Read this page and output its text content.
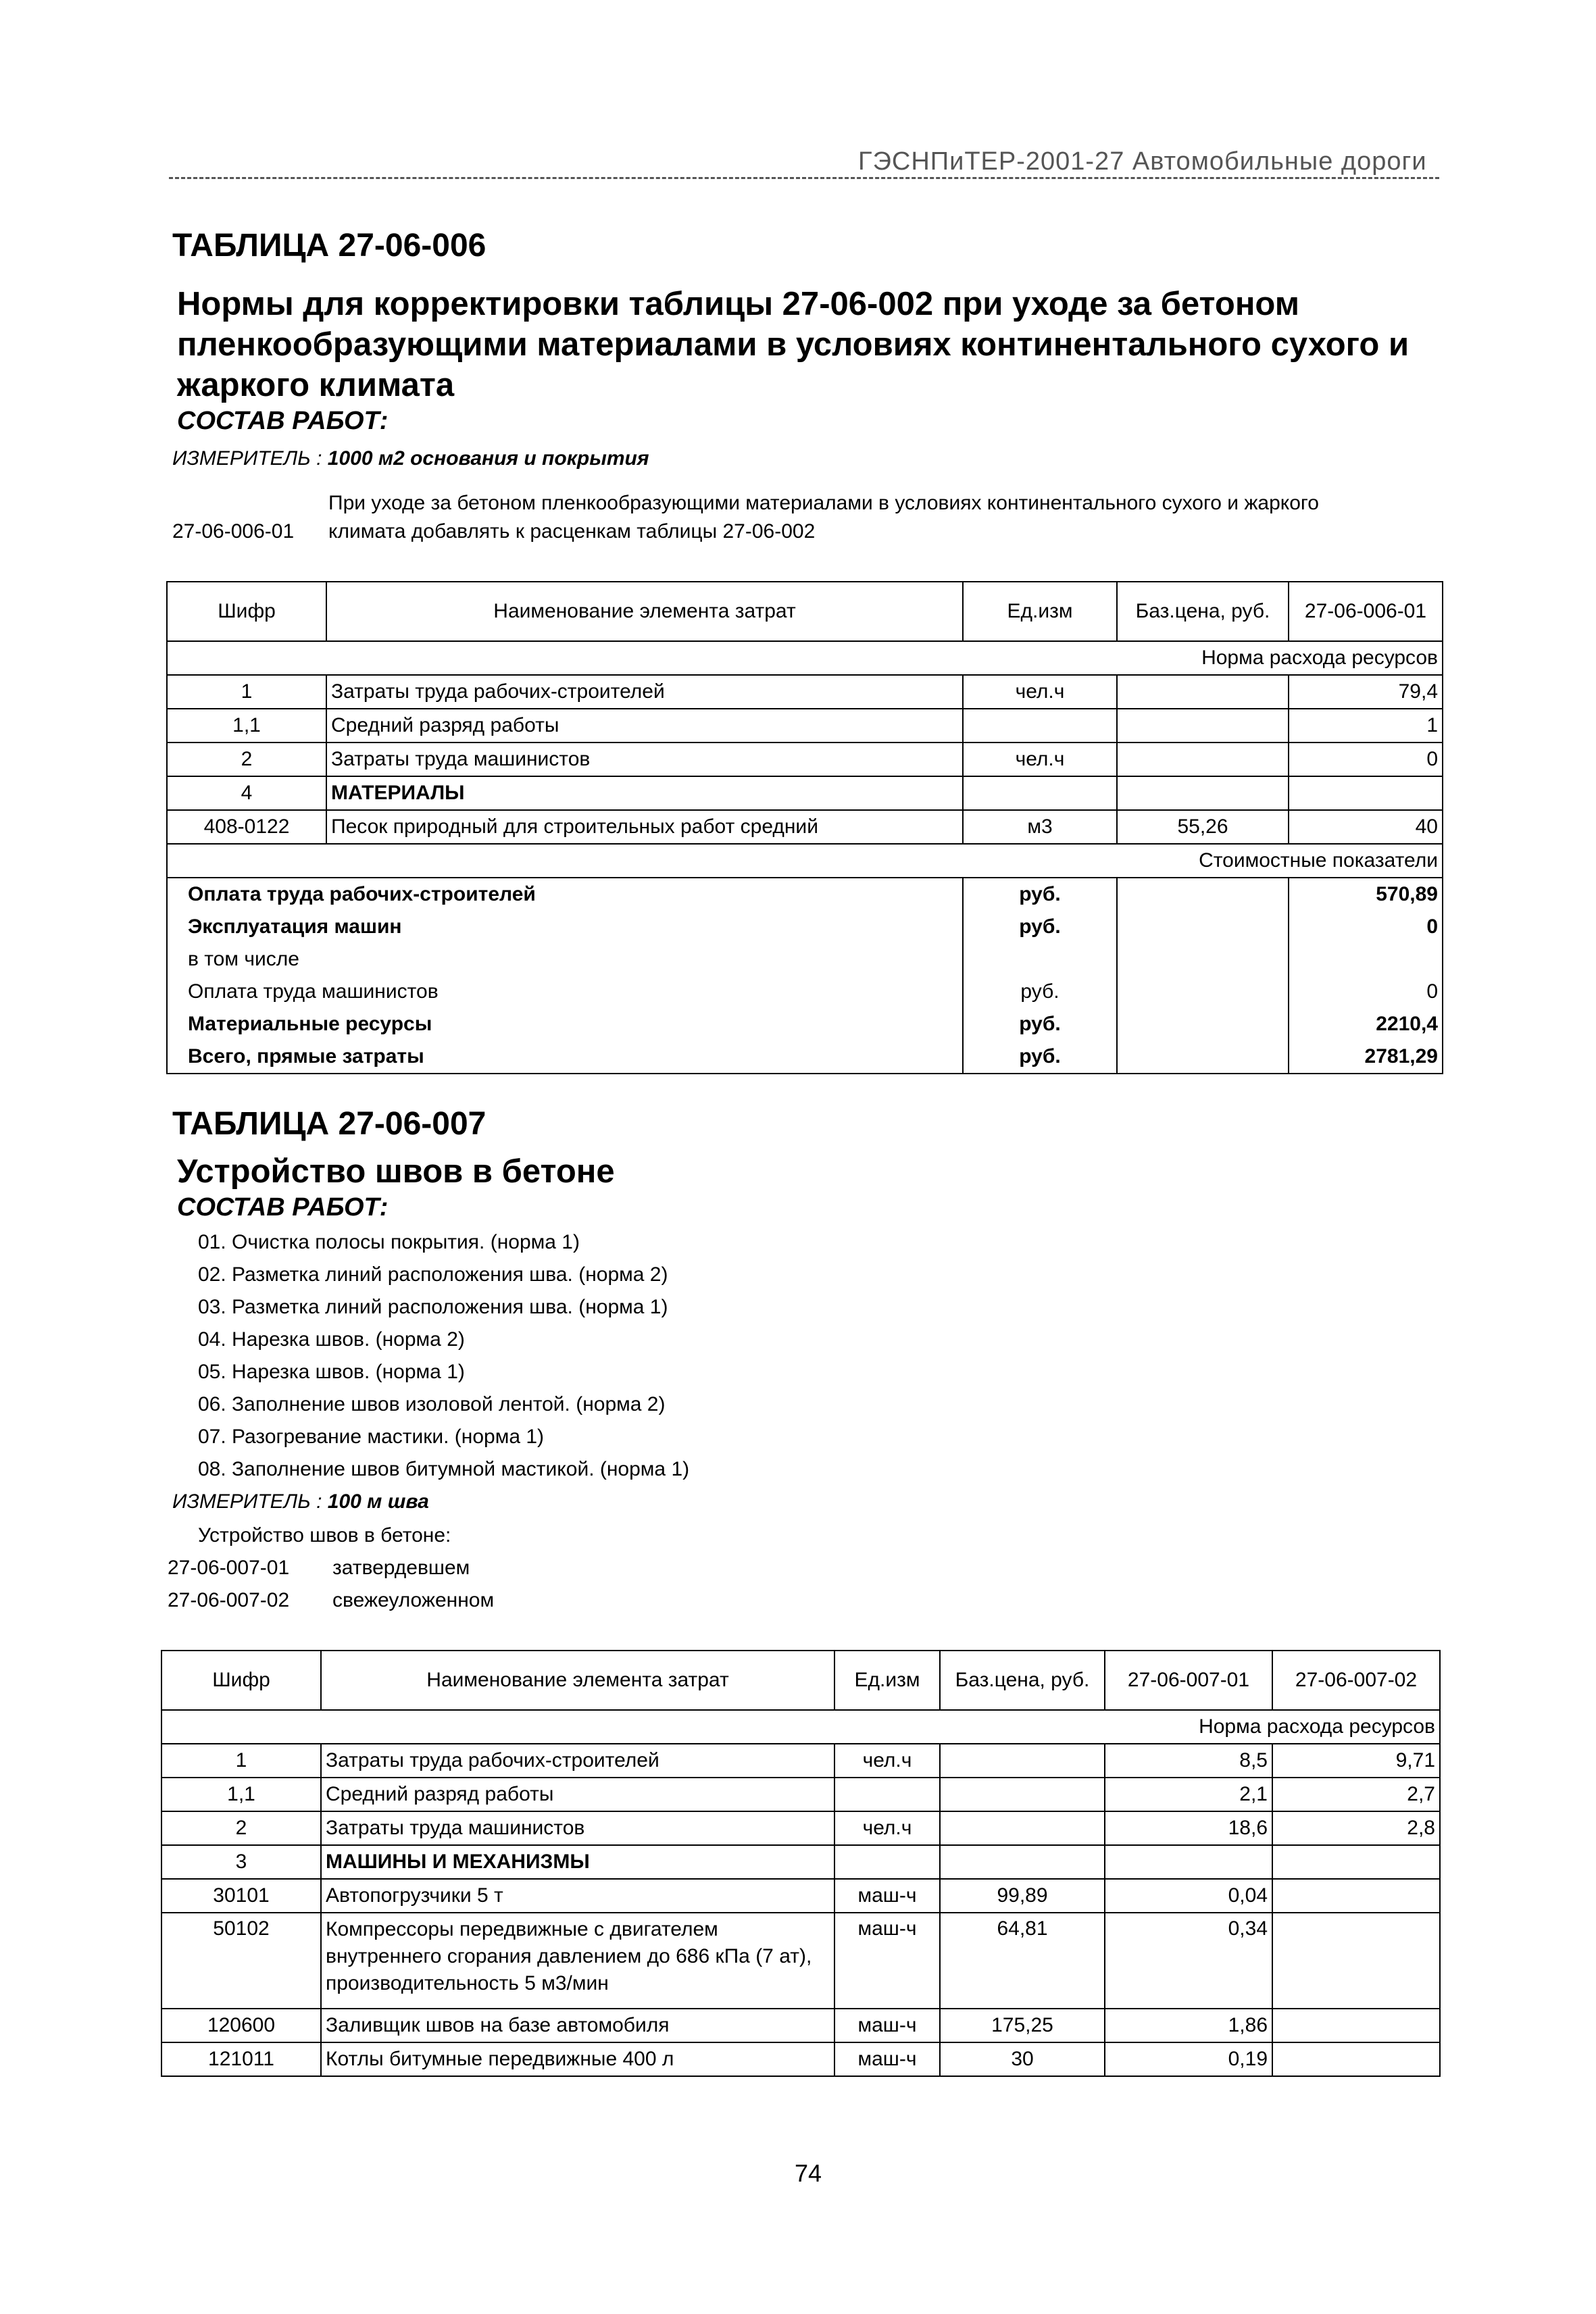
ГЭСНПиТЕР-2001-27 Автомобильные дороги
ТАБЛИЦА 27-06-006
Нормы для корректировки таблицы 27-06-002 при уходе за бетоном пленкообразующими материалами в условиях континентального сухого и жаркого климата
СОСТАВ РАБОТ:
ИЗМЕРИТЕЛЬ : 1000 м2 основания и покрытия
При уходе за бетоном пленкообразующими материалами в условиях континентального сухого и жаркого
27-06-006-01 климата добавлять к расценкам таблицы 27-06-002
Шифр	Наименование элемента затрат	Ед.изм	Баз.цена, руб.	27-06-006-01
Норма расхода ресурсов				
1	Затраты труда рабочих-строителей	чел.ч		79,4
1,1	Средний разряд работы			1
2	Затраты труда машинистов	чел.ч		0
4	МАТЕРИАЛЫ			
408-0122	Песок природный для строительных работ средний	м3	55,26	40
Стоимостные показатели				
Оплата труда рабочих-строителей		руб.		570,89
Эксплуатация машин		руб.		0
в том числе				
Оплата труда машинистов		руб.		0
Материальные ресурсы		руб.		2210,4
Всего, прямые затраты		руб.		2781,29
ТАБЛИЦА 27-06-007
Устройство швов в бетоне
СОСТАВ РАБОТ:
01. Очистка полосы покрытия. (норма 1)
02. Разметка линий расположения шва. (норма 2)
03. Разметка линий расположения шва. (норма 1)
04. Нарезка швов. (норма 2)
05. Нарезка швов. (норма 1)
06. Заполнение швов изоловой лентой. (норма 2)
07. Разогревание мастики. (норма 1)
08. Заполнение швов битумной мастикой. (норма 1)
ИЗМЕРИТЕЛЬ : 100 м шва
Устройство швов в бетоне:
27-06-007-01 затвердевшем
27-06-007-02 свежеуложенном
Шифр	Наименование элемента затрат	Ед.изм	Баз.цена, руб.	27-06-007-01	27-06-007-02
Норма расхода ресурсов					
1	Затраты труда рабочих-строителей	чел.ч		8,5	9,71
1,1	Средний разряд работы			2,1	2,7
2	Затраты труда машинистов	чел.ч		18,6	2,8
3	МАШИНЫ И МЕХАНИЗМЫ				
30101	Автопогрузчики 5 т	маш-ч	99,89	0,04	
50102	Компрессоры передвижные с двигателем внутреннего сгорания давлением до 686 кПа (7 ат), производительность 5 м3/мин	маш-ч	64,81	0,34	
120600	Заливщик швов на базе автомобиля	маш-ч	175,25	1,86	
121011	Котлы битумные передвижные 400 л	маш-ч	30	0,19	
74
